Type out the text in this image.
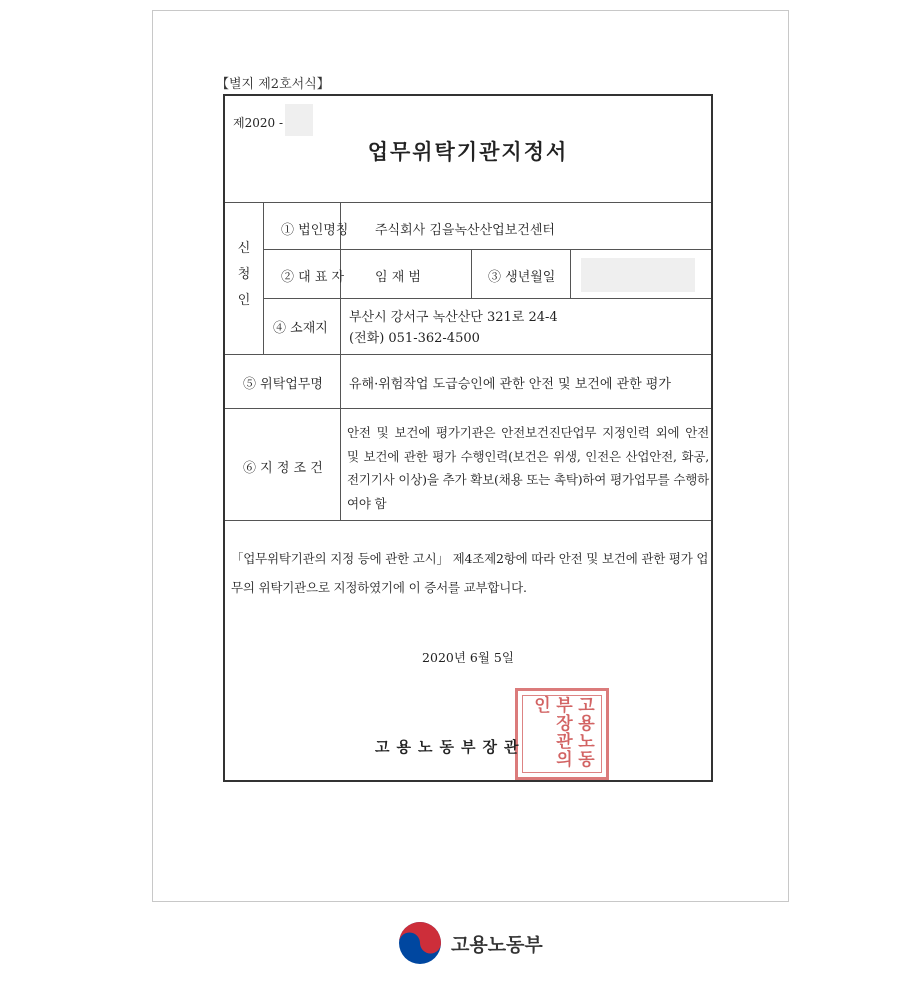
【별지 제2호서식】
제2020 -
업무위탁기관지정서
신
청
인
① 법인명칭 주식회사 김을녹산산업보건센터
② 대 표 자 임 재 범	③ 생년월일
④ 소재지
부산시 강서구 녹산산단 321로 24-4
(전화) 051-362-4500
⑤ 위탁업무명 유해·위험작업 도급승인에 관한 안전 및 보건에 관한 평가
⑥ 지 정 조 건
안전 및 보건에 평가기관은 안전보건진단업무 지정인력 외에 안전 및 보건에 관한 평가 수행인력(보건은 위생, 인전은 산업안전, 화공, 전기기사 이상)을 추가 확보(채용 또는 촉탁)하여 평가업무를 수행하여야 함
「업무위탁기관의 지정 등에 관한 고시」 제4조제2항에 따라 안전 및 보건에 관한 평가 업무의 위탁기관으로 지정하였기에 이 증서를 교부합니다.
2020년 6월 5일
고용노동부장관의인
고용노동부장관
고용노동부
